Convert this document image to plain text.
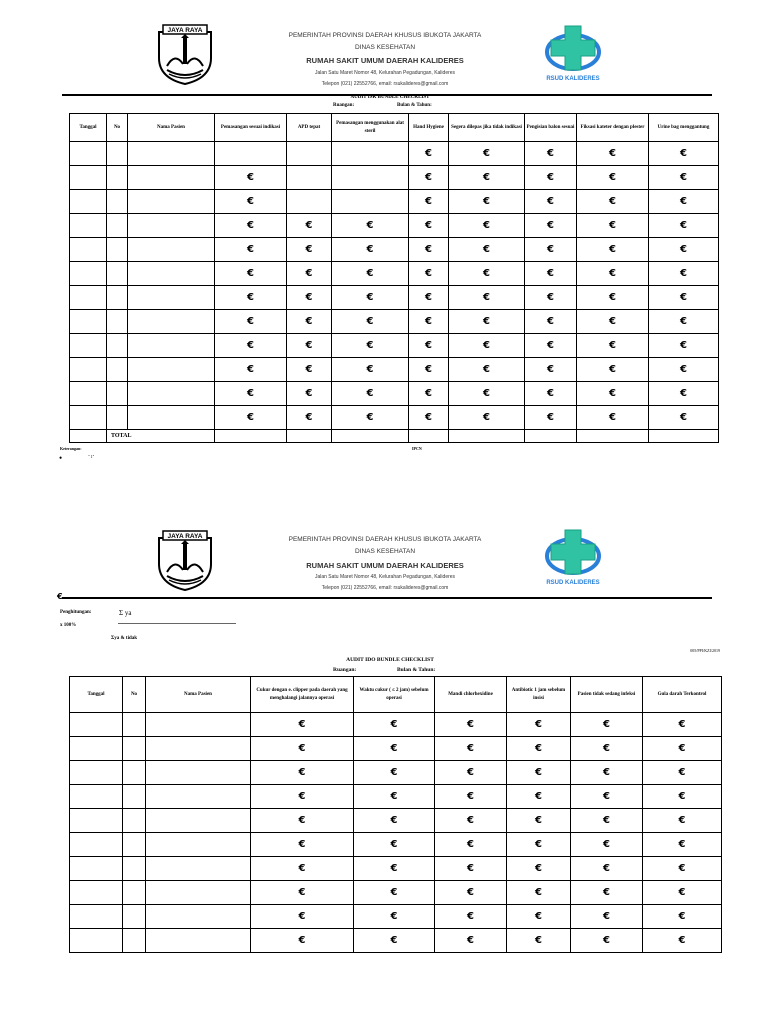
JAYA RAYA
PEMERINTAH PROVINSI DAERAH KHUSUS IBUKOTA JAKARTA
DINAS KESEHATAN
RUMAH SAKIT UMUM DAERAH KALIDERES
Jalan Satu Maret Nomor 48, Kelurahan Pegadungan, Kalideres
Telepon (021) 22552766, email: rsukalideres@gmail.com
RSUD KALIDERES
AUDIT ISK BUNDLE CHECKLIST
Ruangan:	Bulan & Tahun:
Tanggal	No	Nama Pasien	Pemasangan sesuai indikasi	APD tepat	Pemasangan menggunakan alat steril	Hand Hygiene	Segera dilepas jika tidak indikasi	Pengisian balon sesuai	Fiksasi kateter dengan plester	Urine bag menggantung
						€	€	€	€	€
			€			€	€	€	€	€
			€			€	€	€	€	€
			€	€	€	€	€	€	€	€
			€	€	€	€	€	€	€	€
			€	€	€	€	€	€	€	€
			€	€	€	€	€	€	€	€
			€	€	€	€	€	€	€	€
			€	€	€	€	€	€	€	€
			€	€	€	€	€	€	€	€
			€	€	€	€	€	€	€	€
			€	€	€	€	€	€	€	€
	TOTAL									
Keterangan:	IPCN
•	" 1"
JAYA RAYA	PEMERINTAH PROVINSI DAERAH KHUSUS IBUKOTA JAKARTA
DINAS KESEHATAN
RUMAH SAKIT UMUM DAERAH KALIDERES
Jalan Satu Maret Nomor 48, Kelurahan Pegadungan, Kalideres
Telepon (021) 22552766, email: rsukalideres@gmail.com
RSUD KALIDERES
€
Penghitungan:	Σ ya
x 100%
Σya & tidak
005/PPI/KZI/2019
AUDIT IDO BUNDLE CHECKLIST
Ruangan:	Bulan & Tahun:
Tanggal	No	Nama Pasien	Cukur dengan e. clipper pada daerah yang menghalangi jalannya operasi	Waktu cukur ( ≤ 2 jam) sebelum operasi	Mandi chlorhexidine	Antibiotic 1 jam sebelum insisi	Pasien tidak sedang infeksi	Gula darah Terkontrol
			€	€	€	€	€	€
			€	€	€	€	€	€
			€	€	€	€	€	€
			€	€	€	€	€	€
			€	€	€	€	€	€
			€	€	€	€	€	€
			€	€	€	€	€	€
			€	€	€	€	€	€
			€	€	€	€	€	€
			€	€	€	€	€	€
